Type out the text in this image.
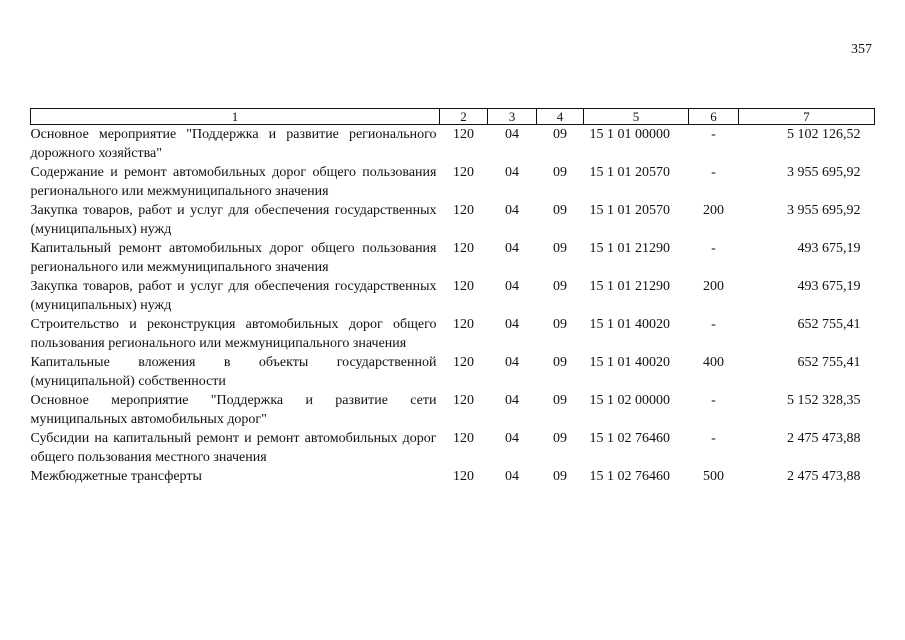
357
1	2	3	4	5	6	7
Основное мероприятие "Поддержка и развитие регионального дорожного хозяйства"	120	04	09	15 1 01 00000	-	5 102 126,52
Содержание и ремонт автомобильных дорог общего пользования регионального или межмуниципального значения	120	04	09	15 1 01 20570	-	3 955 695,92
Закупка товаров, работ и услуг для обеспечения государственных (муниципальных) нужд	120	04	09	15 1 01 20570	200	3 955 695,92
Капитальный ремонт автомобильных дорог общего пользования регионального или межмуниципального значения	120	04	09	15 1 01 21290	-	493 675,19
Закупка товаров, работ и услуг для обеспечения государственных (муниципальных) нужд	120	04	09	15 1 01 21290	200	493 675,19
Строительство и реконструкция автомобильных дорог общего пользования регионального или межмуниципального значения	120	04	09	15 1 01 40020	-	652 755,41
Капитальные вложения в объекты государственной (муниципальной) собственности	120	04	09	15 1 01 40020	400	652 755,41
Основное мероприятие "Поддержка и развитие сети муниципальных автомобильных дорог"	120	04	09	15 1 02 00000	-	5 152 328,35
Субсидии на капитальный ремонт и ремонт автомобильных дорог общего пользования местного значения	120	04	09	15 1 02 76460	-	2 475 473,88
Межбюджетные трансферты	120	04	09	15 1 02 76460	500	2 475 473,88
